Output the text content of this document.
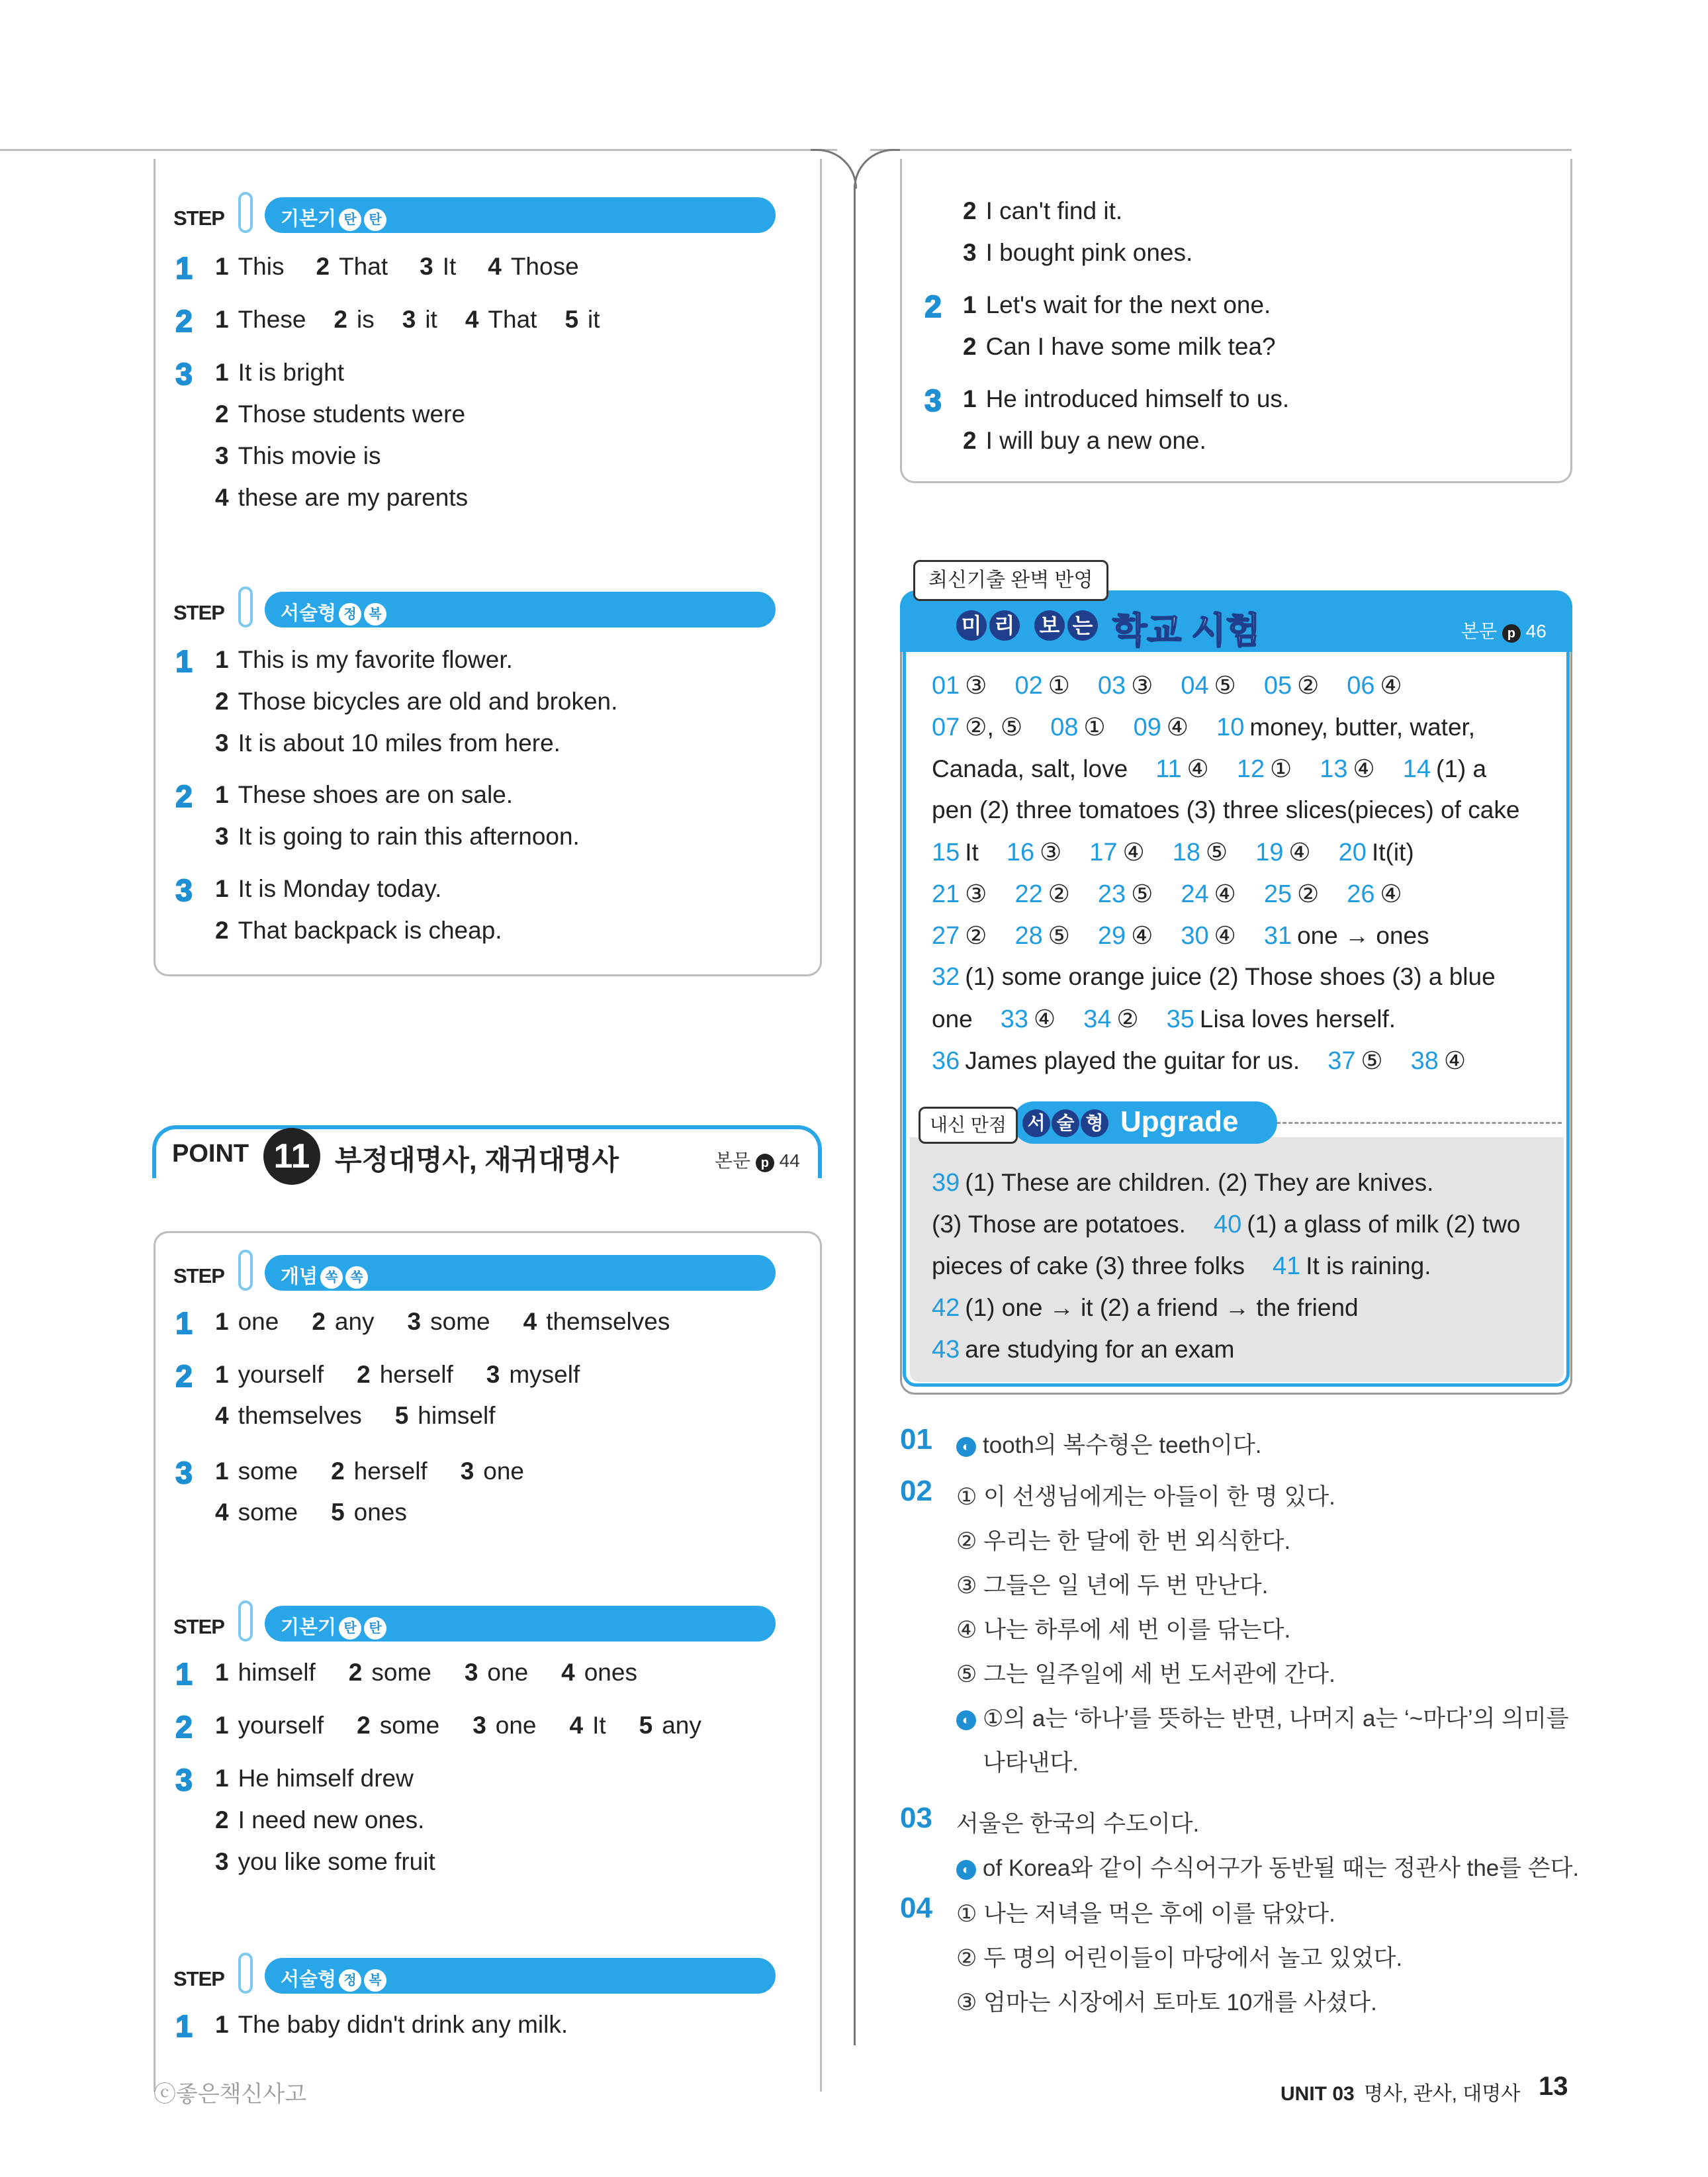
STEP	기본기 탄 탄
1 1 This 2 That 3 It 4 Those
2 1 These 2 is 3 it 4 That 5 it
3 1 It is bright
2 Those students were
3 This movie is
4 these are my parents
STEP	서술형 정 복
1 1 This is my favorite flower.
2 Those bicycles are old and broken.
3 It is about 10 miles from here.
2 1 These shoes are on sale.
3 It is going to rain this afternoon.
3 1 It is Monday today.
2 That backpack is cheap.
POINT 11 부정대명사, 재귀대명사	본문 p 44
STEP	개념 쏙 쏙
1 1 one 2 any 3 some 4 themselves
2 1 yourself 2 herself 3 myself
4 themselves 5 himself
3 1 some 2 herself 3 one
4 some 5 ones
STEP	기본기 탄 탄
1 1 himself 2 some 3 one 4 ones
2 1 yourself 2 some 3 one 4 It 5 any
3 1 He himself drew
2 I need new ones.
3 you like some fruit
STEP	서술형 정 복
1 1 The baby didn't drink any milk.
2 I can't find it.
3 I bought pink ones.
2 1 Let's wait for the next one.
2 Can I have some milk tea?
3 1 He introduced himself to us.
2 I will buy a new one.
최신기출 완벽 반영
미 리 보 는 학교 시험	본문 p 46
01 ③ 02 ① 03 ③ 04 ⑤ 05 ② 06 ④
07 ②, ⑤ 08 ① 09 ④ 10 money, butter, water,
Canada, salt, love 11 ④ 12 ① 13 ④ 14 (1) a
pen (2) three tomatoes (3) three slices(pieces) of cake
15 It 16 ③ 17 ④ 18 ⑤ 19 ④ 20 It(it)
21 ③ 22 ② 23 ⑤ 24 ④ 25 ② 26 ④
27 ② 28 ⑤ 29 ④ 30 ④ 31 one → ones
32 (1) some orange juice (2) Those shoes (3) a blue
one 33 ④ 34 ② 35 Lisa loves herself.
36 James played the guitar for us. 37 ⑤ 38 ④
내신 만점	서 술 형 Upgrade
39 (1) These are children. (2) They are knives.
(3) Those are potatoes. 40 (1) a glass of milk (2) two
pieces of cake (3) three folks 41 It is raining.
42 (1) one → it (2) a friend → the friend
43 are studying for an exam
01	◐ tooth의 복수형은 teeth이다.
02 ① 이 선생님에게는 아들이 한 명 있다.
② 우리는 한 달에 한 번 외식한다.
③ 그들은 일 년에 두 번 만난다.
④ 나는 하루에 세 번 이를 닦는다.
⑤ 그는 일주일에 세 번 도서관에 간다.
◐ ①의 a는 ‘하나’를 뜻하는 반면, 나머지 a는 ‘~마다’의 의미를
나타낸다.
03 서울은 한국의 수도이다.
◐ of Korea와 같이 수식어구가 동반될 때는 정관사 the를 쓴다.
04 ① 나는 저녁을 먹은 후에 이를 닦았다.
② 두 명의 어린이들이 마당에서 놀고 있었다.
③ 엄마는 시장에서 토마토 10개를 사셨다.
ⓒ좋은책신사고	UNIT 03 명사, 관사, 대명사 13
